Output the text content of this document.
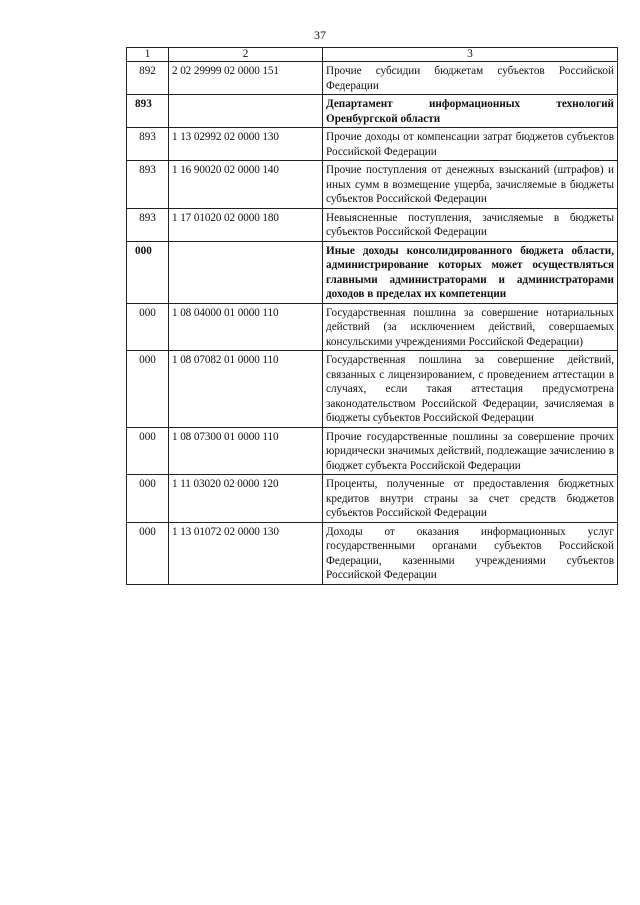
37
1	2	3
892	2 02 29999 02 0000 151	Прочие субсидии бюджетам субъектов Российской Федерации
893		Департамент информационных технологий Оренбургской области
893	1 13 02992 02 0000 130	Прочие доходы от компенсации затрат бюджетов субъектов Российской Федерации
893	1 16 90020 02 0000 140	Прочие поступления от денежных взысканий (штрафов) и иных сумм в возмещение ущерба, зачисляемые в бюджеты субъектов Российской Федерации
893	1 17 01020 02 0000 180	Невыясненные поступления, зачисляемые в бюджеты субъектов Российской Федерации
000		Иные доходы консолидированного бюджета области, администрирование которых может осуществляться главными администраторами и администраторами доходов в пределах их компетенции
000	1 08 04000 01 0000 110	Государственная пошлина за совершение нотариальных действий (за исключением действий, совершаемых консульскими учреждениями Российской Федерации)
000	1 08 07082 01 0000 110	Государственная пошлина за совершение действий, связанных с лицензированием, с проведением аттестации в случаях, если такая аттестация предусмотрена законодательством Российской Федерации, зачисляемая в бюджеты субъектов Российской Федерации
000	1 08 07300 01 0000 110	Прочие государственные пошлины за совершение прочих юридически значимых действий, подлежащие зачислению в бюджет субъекта Российской Федерации
000	1 11 03020 02 0000 120	Проценты, полученные от предоставления бюджетных кредитов внутри страны за счет средств бюджетов субъектов Российской Федерации
000	1 13 01072 02 0000 130	Доходы от оказания информационных услуг государственными органами субъектов Российской Федерации, казенными учреждениями субъектов Российской Федерации
